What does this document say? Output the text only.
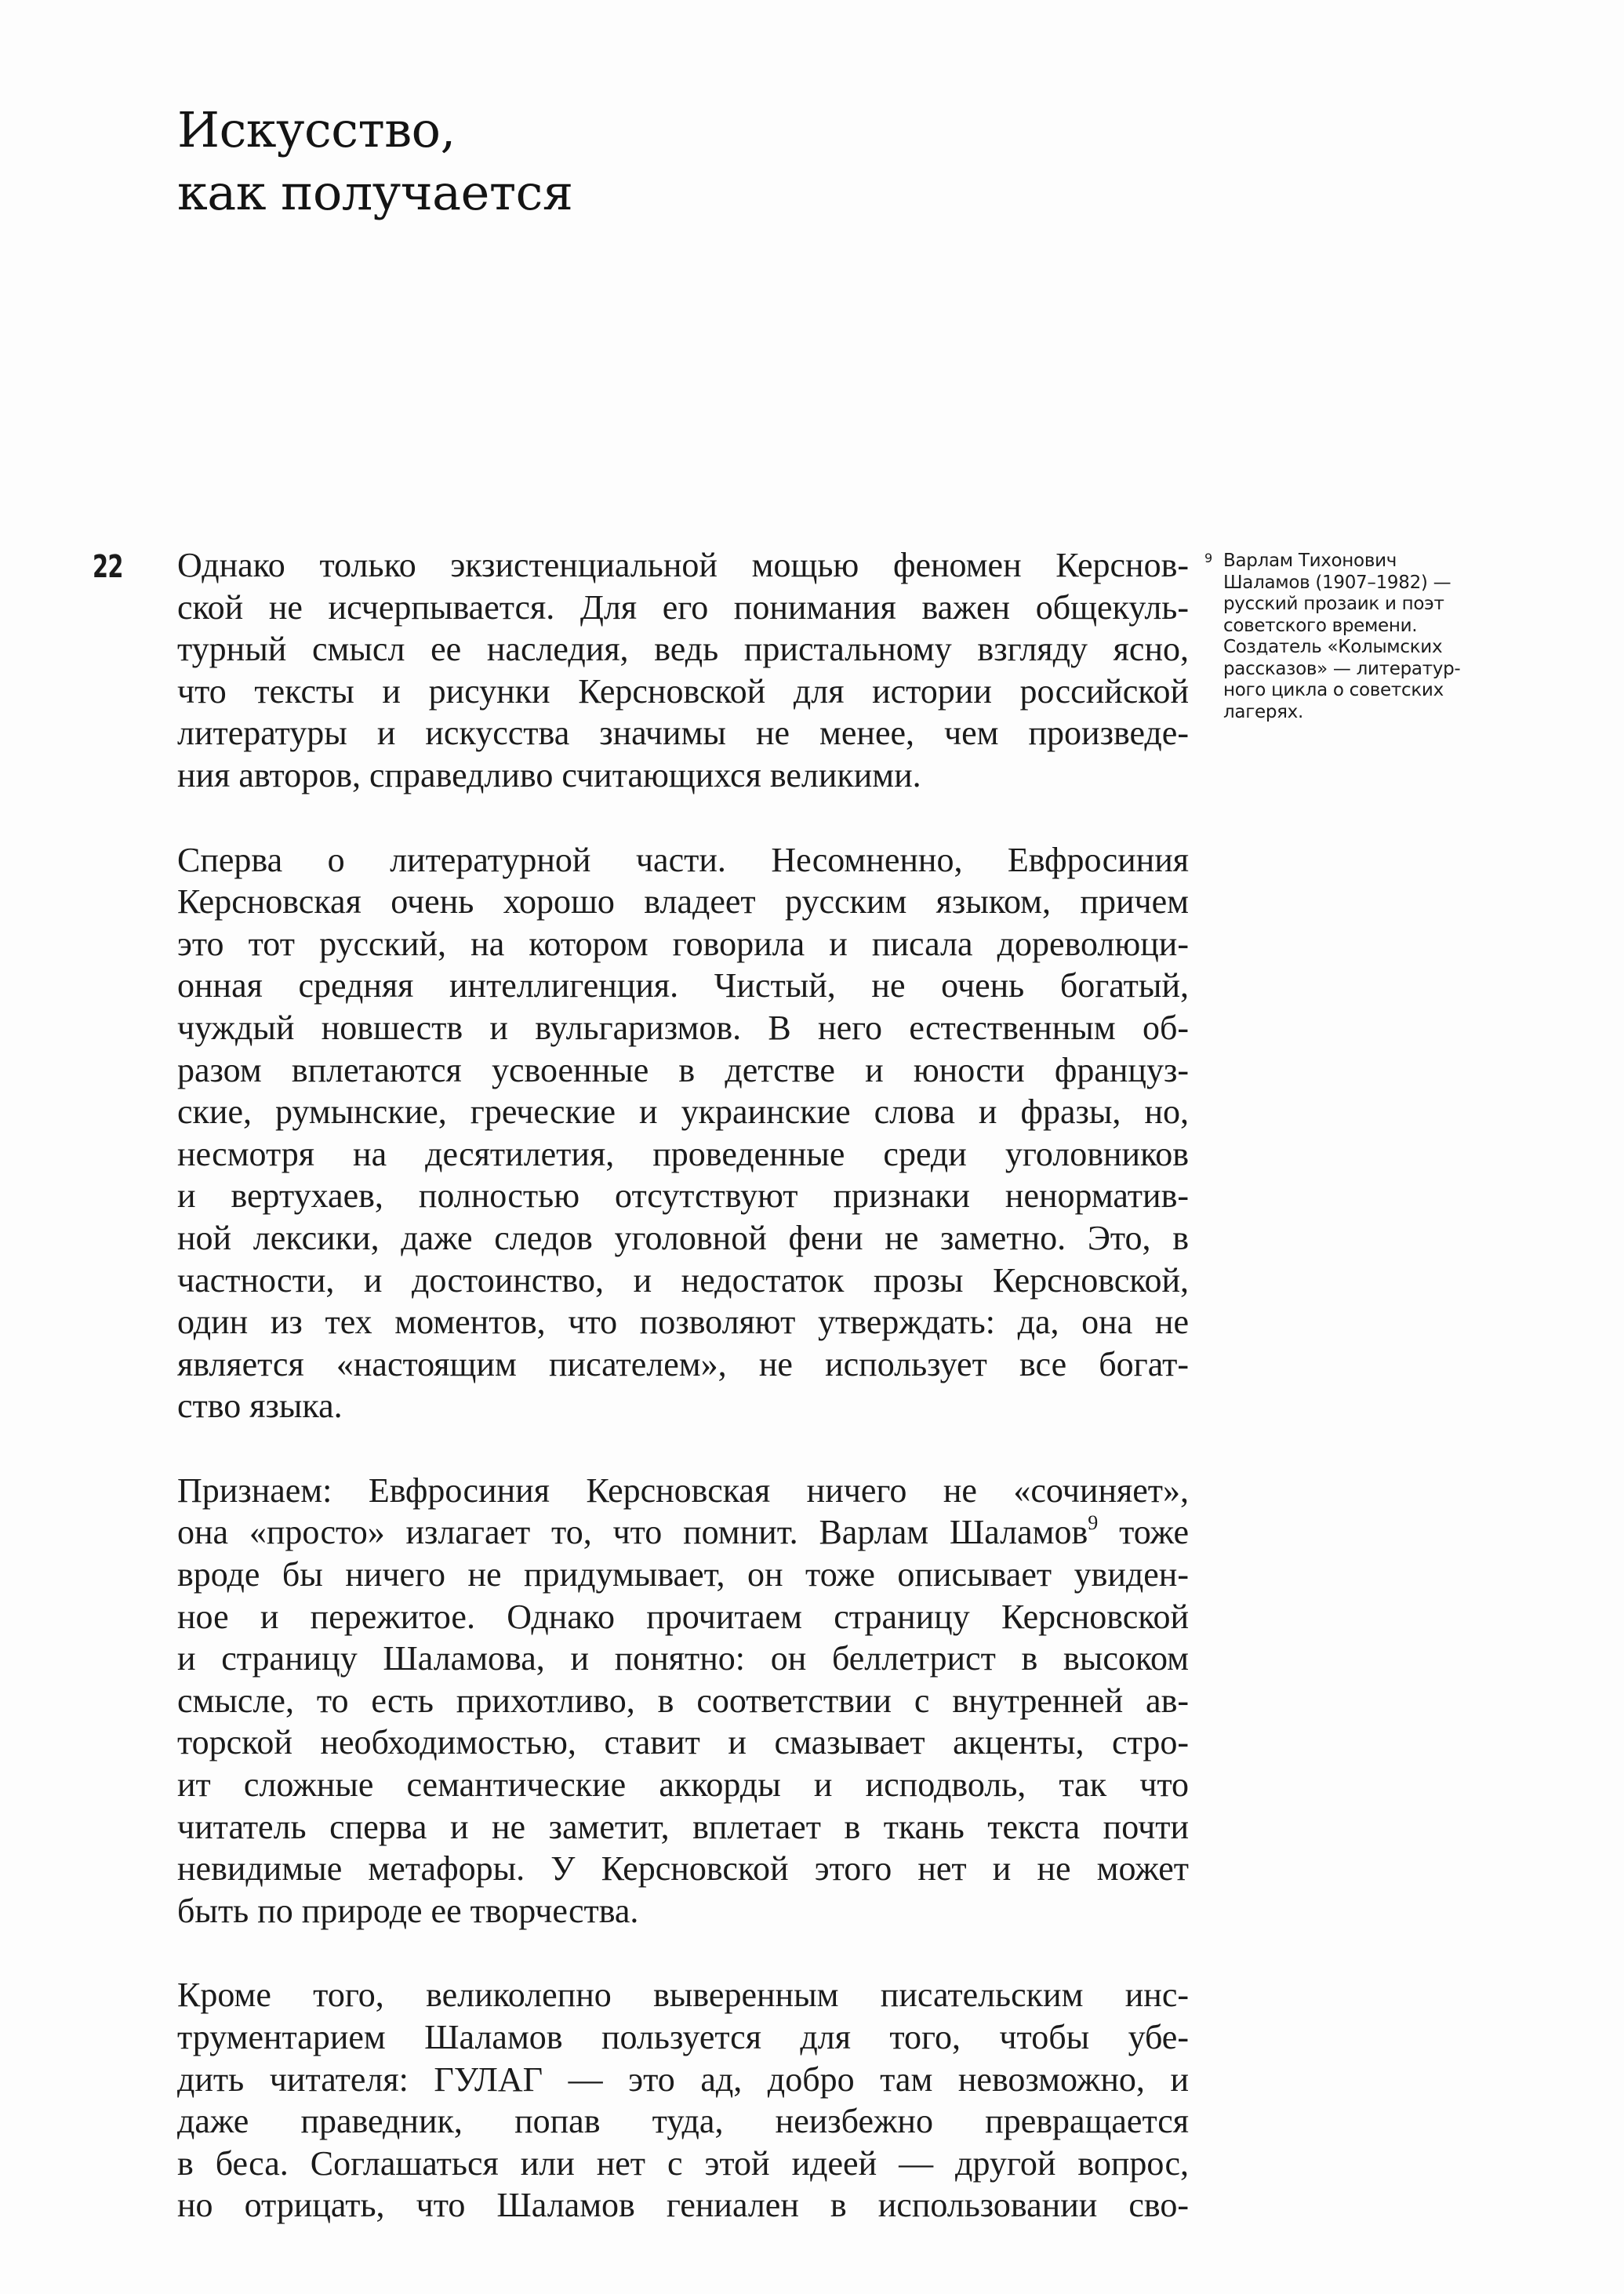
Искусство,
как получается
22 Однако только экзистенциальной мощью феномен Керснов-
ской не исчерпывается. Для его понимания важен общекуль-
турный смысл ее наследия, ведь пристальному взгляду ясно,
что тексты и рисунки Керсновской для истории российской
литературы и искусства значимы не менее, чем произведе-
ния авторов, справедливо считающихся великими.

Сперва о литературной части. Несомненно, Евфросиния
Керсновская очень хорошо владеет русским языком, причем
это тот русский, на котором говорила и писала дореволюци-
онная средняя интеллигенция. Чистый, не очень богатый,
чуждый новшеств и вульгаризмов. В него естественным об-
разом вплетаются усвоенные в детстве и юности француз-
ские, румынские, греческие и украинские слова и фразы, но,
несмотря на десятилетия, проведенные среди уголовников
и вертухаев, полностью отсутствуют признаки ненорматив-
ной лексики, даже следов уголовной фени не заметно. Это, в
частности, и достоинство, и недостаток прозы Керсновской,
один из тех моментов, что позволяют утверждать: да, она не
является «настоящим писателем», не использует все богат-
ство языка.

Признаем: Евфросиния Керсновская ничего не «сочиняет»,
она «просто» излагает то, что помнит. Варлам Шаламов$^9$ тоже
вроде бы ничего не придумывает, он тоже описывает увиден-
ное и пережитое. Однако прочитаем страницу Керсновской
и страницу Шаламова, и понятно: он беллетрист в высоком
смысле, то есть прихотливо, в соответствии с внутренней ав-
торской необходимостью, ставит и смазывает акценты, стро-
ит сложные семантические аккорды и исподволь, так что
читатель сперва и не заметит, вплетает в ткань текста почти
невидимые метафоры. У Керсновской этого нет и не может
быть по природе ее творчества.

Кроме того, великолепно выверенным писательским инс-
трументарием Шаламов пользуется для того, чтобы убе-
дить читателя: ГУЛАГ — это ад, добро там невозможно, и
даже праведник, попав туда, неизбежно превращается
в беса. Соглашаться или нет с этой идеей — другой вопрос,
но отрицать, что Шаламов гениален в использовании сво-

9 Варлам Тихонович
Шаламов (1907–1982) —
русский прозаик и поэт
советского времени.
Создатель «Колымских
рассказов» — литератур-
ного цикла о советских
лагерях.
